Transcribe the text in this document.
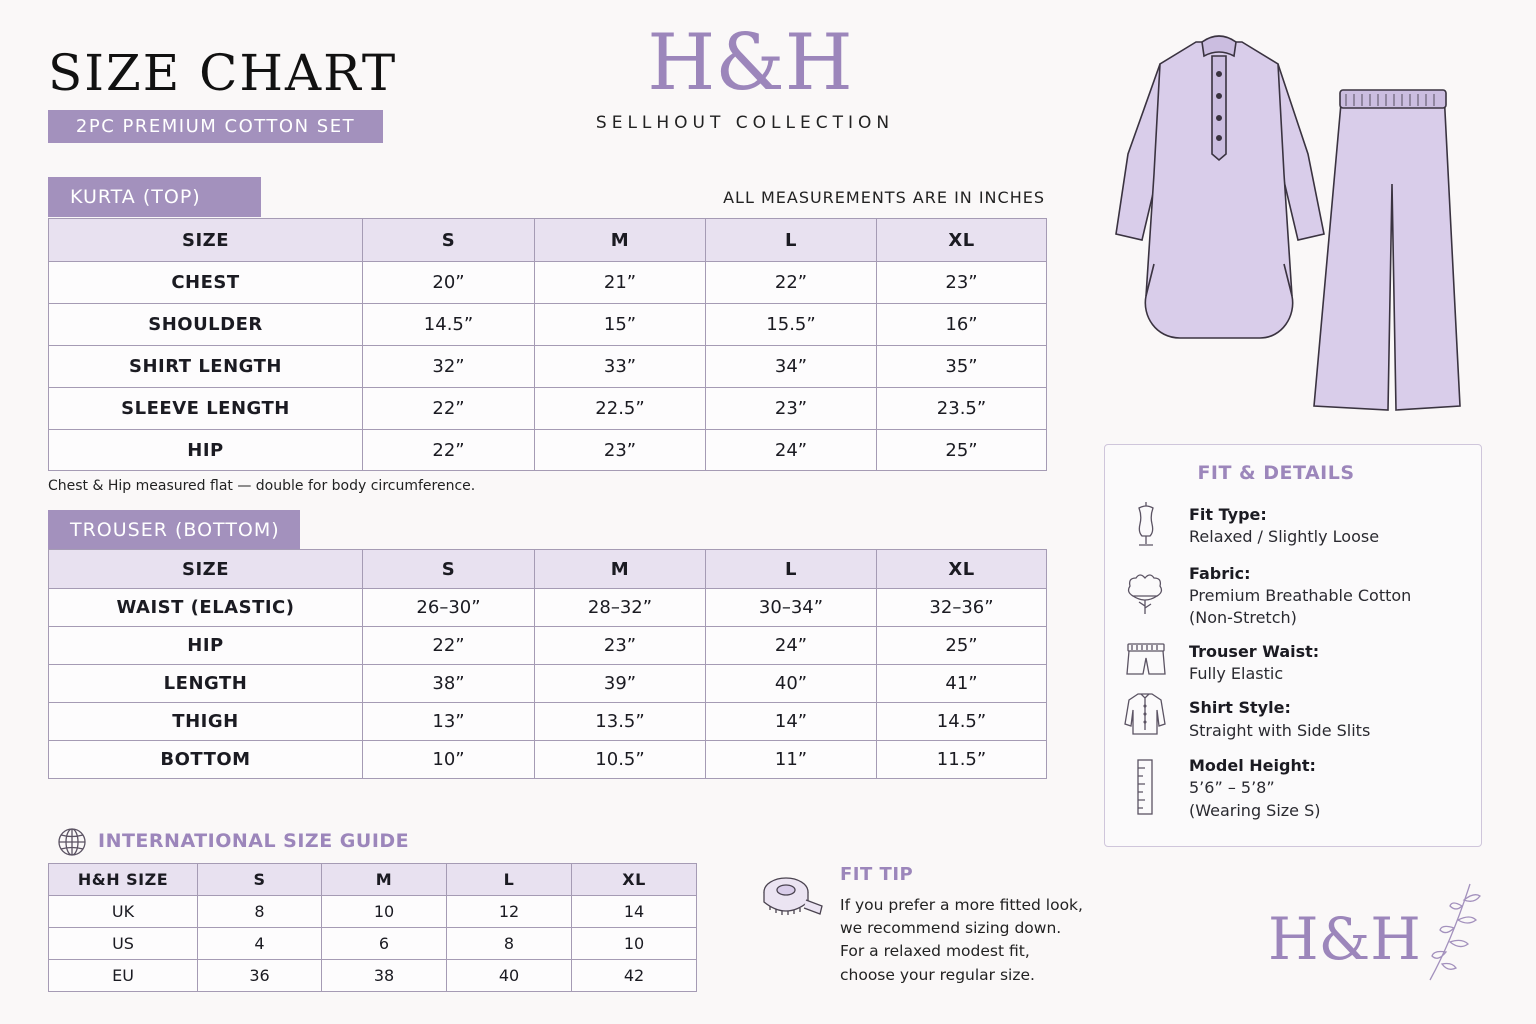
SIZE CHART
2PC PREMIUM COTTON SET
H&H
SELLHOUT COLLECTION
KURTA (TOP)	ALL MEASUREMENTS ARE IN INCHES
SIZE	S	M	L	XL
CHEST	20”	21”	22”	23”
SHOULDER	14.5”	15”	15.5”	16”
SHIRT LENGTH	32”	33”	34”	35”
SLEEVE LENGTH	22”	22.5”	23”	23.5”
HIP	22”	23”	24”	25”
Chest & Hip measured flat — double for body circumference.
TROUSER (BOTTOM)
SIZE	S	M	L	XL
WAIST (ELASTIC)	26–30”	28–32”	30–34”	32–36”
HIP	22”	23”	24”	25”
LENGTH	38”	39”	40”	41”
THIGH	13”	13.5”	14”	14.5”
BOTTOM	10”	10.5”	11”	11.5”
INTERNATIONAL SIZE GUIDE
H&H SIZE	S	M	L	XL
UK	8	10	12	14
US	4	6	8	10
EU	36	38	40	42
FIT TIP
If you prefer a more fitted look,
we recommend sizing down.
For a relaxed modest fit,
choose your regular size.
FIT & DETAILS
Fit Type:
Relaxed / Slightly Loose
Fabric:
Premium Breathable Cotton
(Non-Stretch)
Trouser Waist:
Fully Elastic
Shirt Style:
Straight with Side Slits
Model Height:
5’6” – 5’8”
(Wearing Size S)
H&H
